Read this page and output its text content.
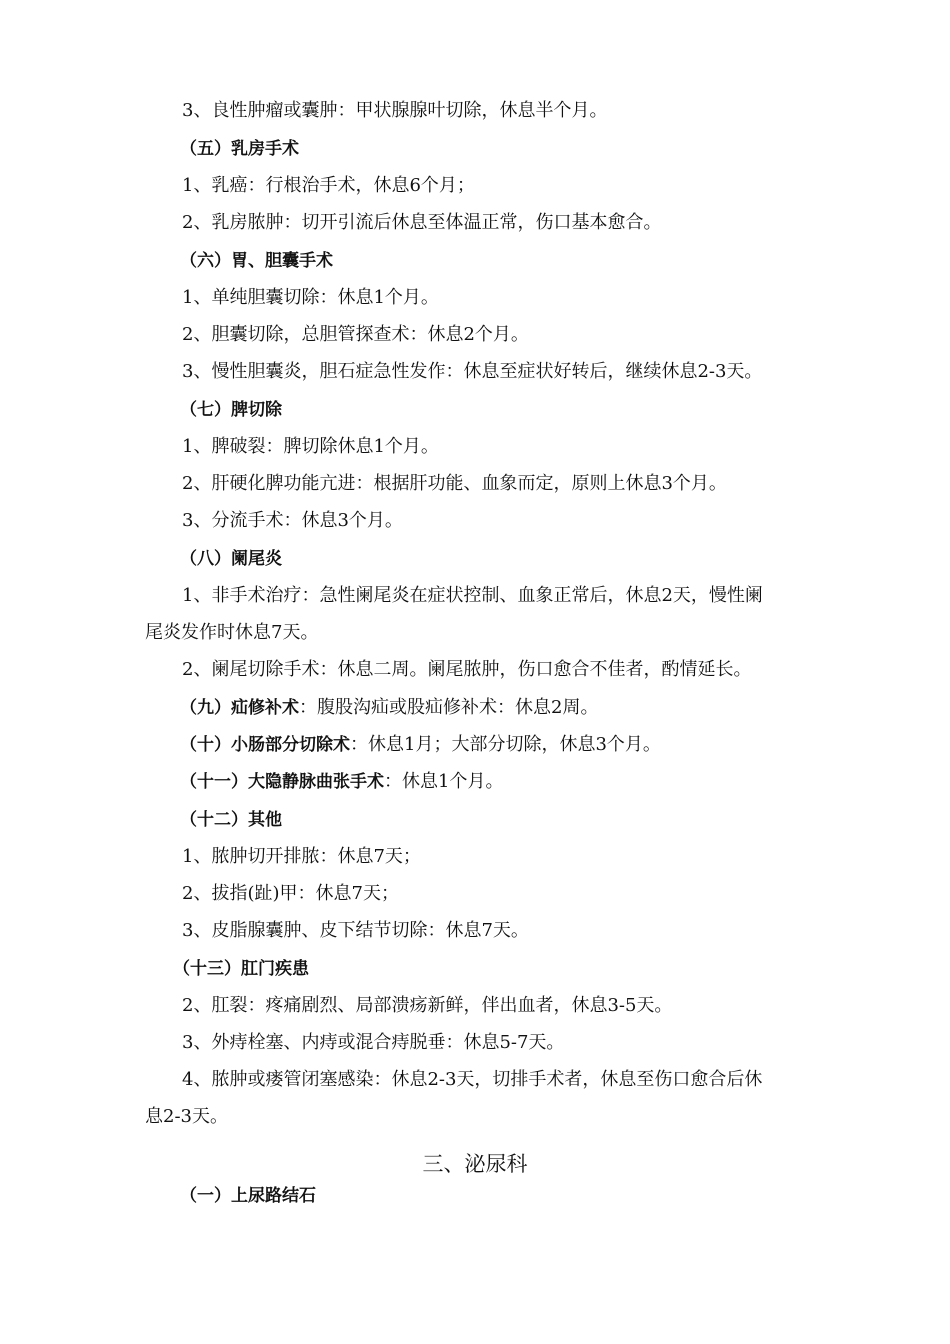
3、良性肿瘤或囊肿：甲状腺腺叶切除，休息半个月。
（五）乳房手术
1、乳癌：行根治手术，休息6个月；
2、乳房脓肿：切开引流后休息至体温正常，伤口基本愈合。
（六）胃、胆囊手术
1、单纯胆囊切除：休息1个月。
2、胆囊切除，总胆管探查术：休息2个月。
3、慢性胆囊炎，胆石症急性发作：休息至症状好转后，继续休息2-3天。
（七）脾切除
1、脾破裂：脾切除休息1个月。
2、肝硬化脾功能亢进：根据肝功能、血象而定，原则上休息3个月。
3、分流手术：休息3个月。
（八）阑尾炎
1、非手术治疗：急性阑尾炎在症状控制、血象正常后，休息2天，慢性阑
尾炎发作时休息7天。
2、阑尾切除手术：休息二周。阑尾脓肿，伤口愈合不佳者，酌情延长。
（九）疝修补术：腹股沟疝或股疝修补术：休息2周。
（十）小肠部分切除术：休息1月；大部分切除，休息3个月。
（十一）大隐静脉曲张手术：休息1个月。
（十二）其他
1、脓肿切开排脓：休息7天；
2、拔指(趾)甲：休息7天；
3、皮脂腺囊肿、皮下结节切除：休息7天。
（十三）肛门疾患
2、肛裂：疼痛剧烈、局部溃疡新鲜，伴出血者，休息3-5天。
3、外痔栓塞、内痔或混合痔脱垂：休息5-7天。
4、脓肿或瘘管闭塞感染：休息2-3天，切排手术者，休息至伤口愈合后休
息2-3天。
三、泌尿科
（一）上尿路结石
